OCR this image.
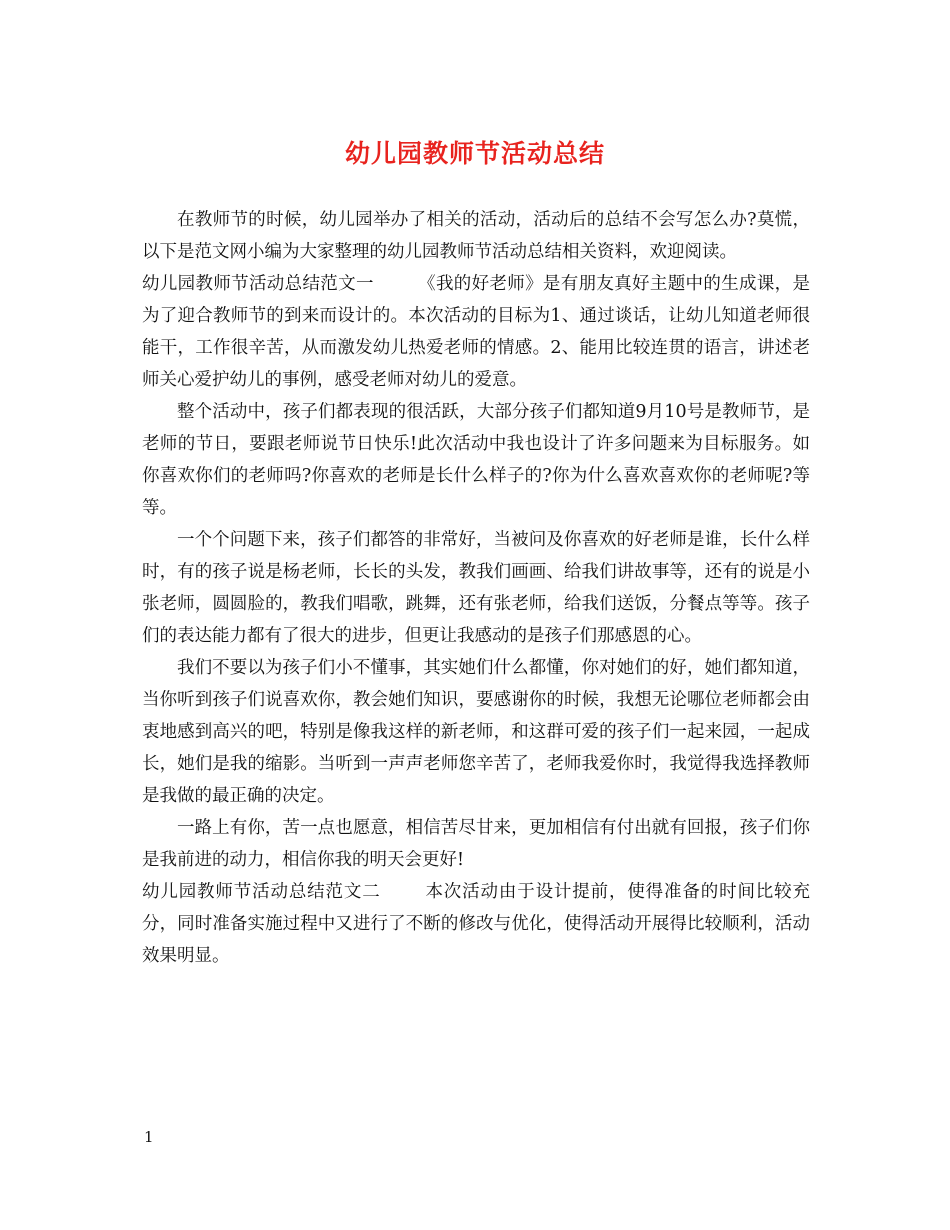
幼儿园教师节活动总结

在教师节的时候，幼儿园举办了相关的活动，活动后的总结不会写怎么办?莫慌，以下是范文网小编为大家整理的幼儿园教师节活动总结相关资料，欢迎阅读。

幼儿园教师节活动总结范文一	《我的好老师》是有朋友真好主题中的生成课，是为了迎合教师节的到来而设计的。本次活动的目标为1、通过谈话，让幼儿知道老师很能干，工作很辛苦，从而激发幼儿热爱老师的情感。2、能用比较连贯的语言，讲述老师关心爱护幼儿的事例，感受老师对幼儿的爱意。

整个活动中，孩子们都表现的很活跃，大部分孩子们都知道9月10号是教师节，是老师的节日，要跟老师说节日快乐!此次活动中我也设计了许多问题来为目标服务。如你喜欢你们的老师吗?你喜欢的老师是长什么样子的?你为什么喜欢喜欢你的老师呢?等等。

一个个问题下来，孩子们都答的非常好，当被问及你喜欢的好老师是谁，长什么样时，有的孩子说是杨老师，长长的头发，教我们画画、给我们讲故事等，还有的说是小张老师，圆圆脸的，教我们唱歌，跳舞，还有张老师，给我们送饭，分餐点等等。孩子们的表达能力都有了很大的进步，但更让我感动的是孩子们那感恩的心。

我们不要以为孩子们小不懂事，其实她们什么都懂，你对她们的好，她们都知道，当你听到孩子们说喜欢你，教会她们知识，要感谢你的时候，我想无论哪位老师都会由衷地感到高兴的吧，特别是像我这样的新老师，和这群可爱的孩子们一起来园，一起成长，她们是我的缩影。当听到一声声老师您辛苦了，老师我爱你时，我觉得我选择教师是我做的最正确的决定。

一路上有你，苦一点也愿意，相信苦尽甘来，更加相信有付出就有回报，孩子们你是我前进的动力，相信你我的明天会更好!

幼儿园教师节活动总结范文二	本次活动由于设计提前，使得准备的时间比较充分，同时准备实施过程中又进行了不断的修改与优化，使得活动开展得比较顺利，活动效果明显。

1
